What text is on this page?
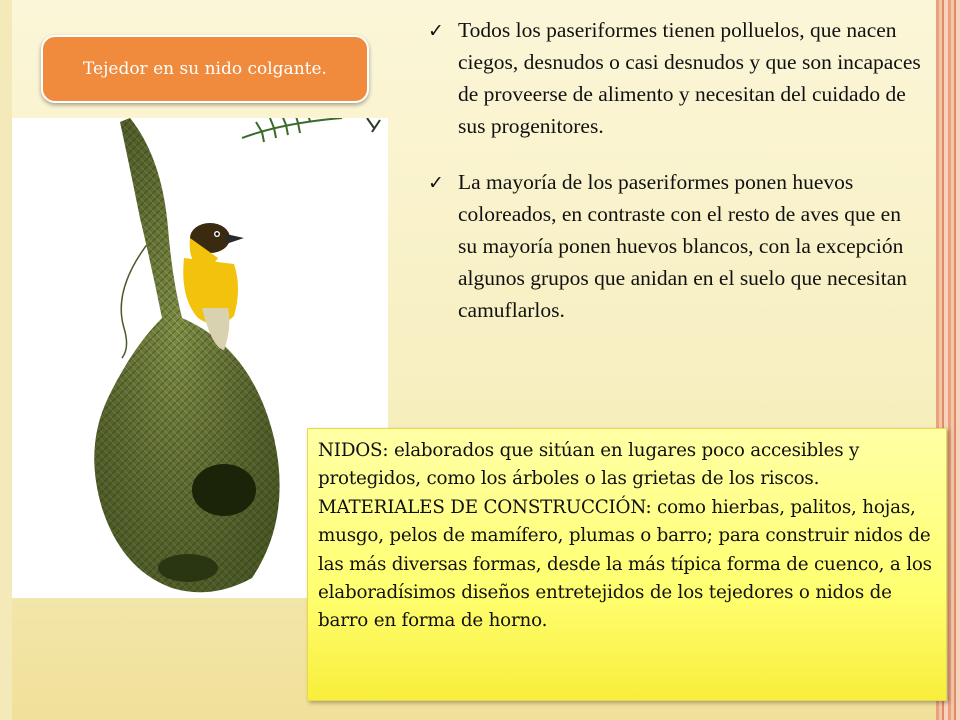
Tejedor en su nido colgante.
✓ Todos los paseriformes tienen polluelos, que nacen ciegos, desnudos o casi desnudos y que son incapaces de proveerse de alimento y necesitan del cuidado de sus progenitores.
✓ La mayoría de los paseriformes ponen huevos coloreados, en contraste con el resto de aves que en su mayoría ponen huevos blancos, con la excepción algunos grupos que anidan en el suelo que necesitan camuflarlos.
NIDOS: elaborados que sitúan en lugares poco accesibles y protegidos, como los árboles o las grietas de los riscos.
MATERIALES DE CONSTRUCCIÓN: como hierbas, palitos, hojas, musgo, pelos de mamífero, plumas o barro; para construir nidos de las más diversas formas, desde la más típica forma de cuenco, a los elaboradísimos diseños entretejidos de los tejedores o nidos de barro en forma de horno.
